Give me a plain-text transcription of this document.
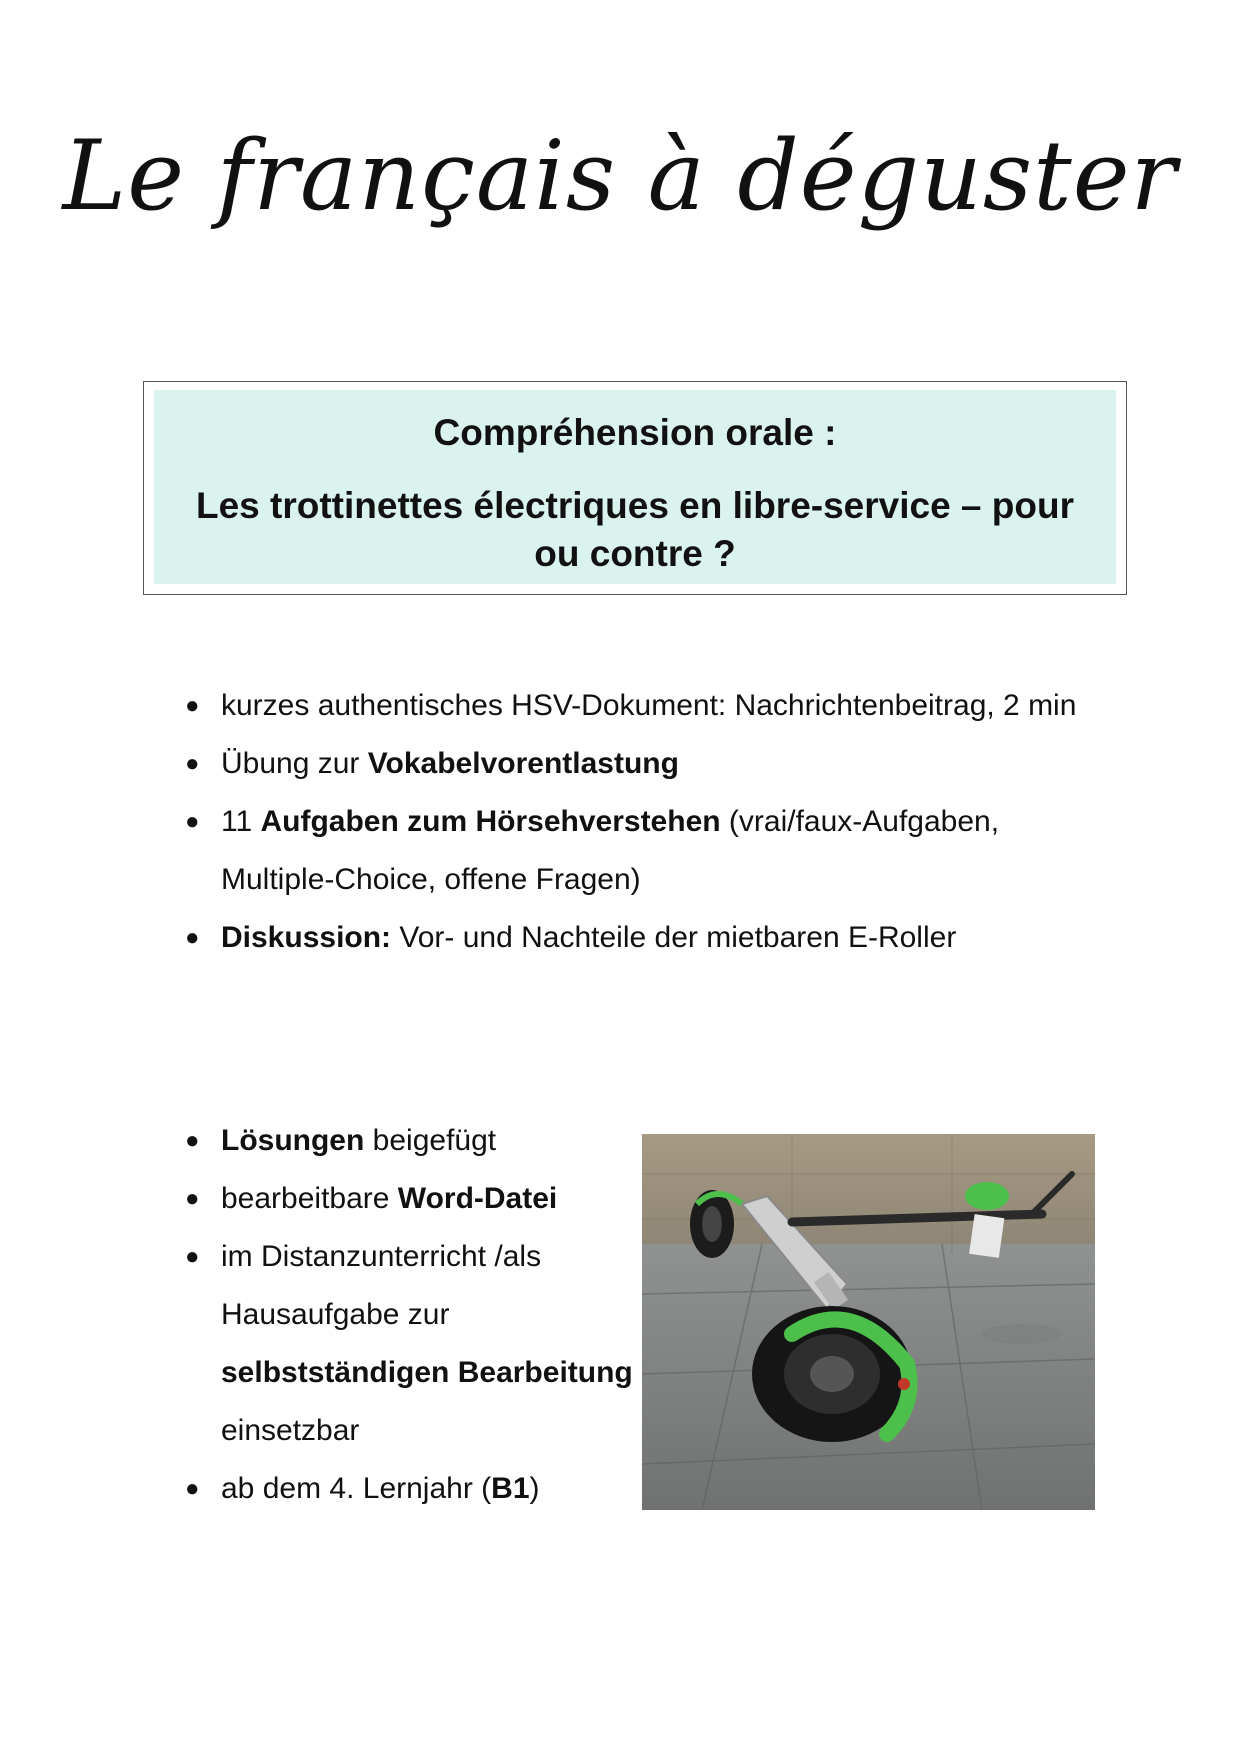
Le français à déguster
Compréhension orale :
Les trottinettes électriques en libre-service – pour ou contre ?
● kurzes authentisches HSV-Dokument: Nachrichtenbeitrag, 2 min
● Übung zur Vokabelvorentlastung
● 11 Aufgaben zum Hörsehverstehen (vrai/faux-Aufgaben, Multiple-Choice, offene Fragen)
● Diskussion: Vor- und Nachteile der mietbaren E-Roller
● Lösungen beigefügt
● bearbeitbare Word-Datei
● im Distanzunterricht /als Hausaufgabe zur selbstständigen Bearbeitung einsetzbar
● ab dem 4. Lernjahr (B1)
